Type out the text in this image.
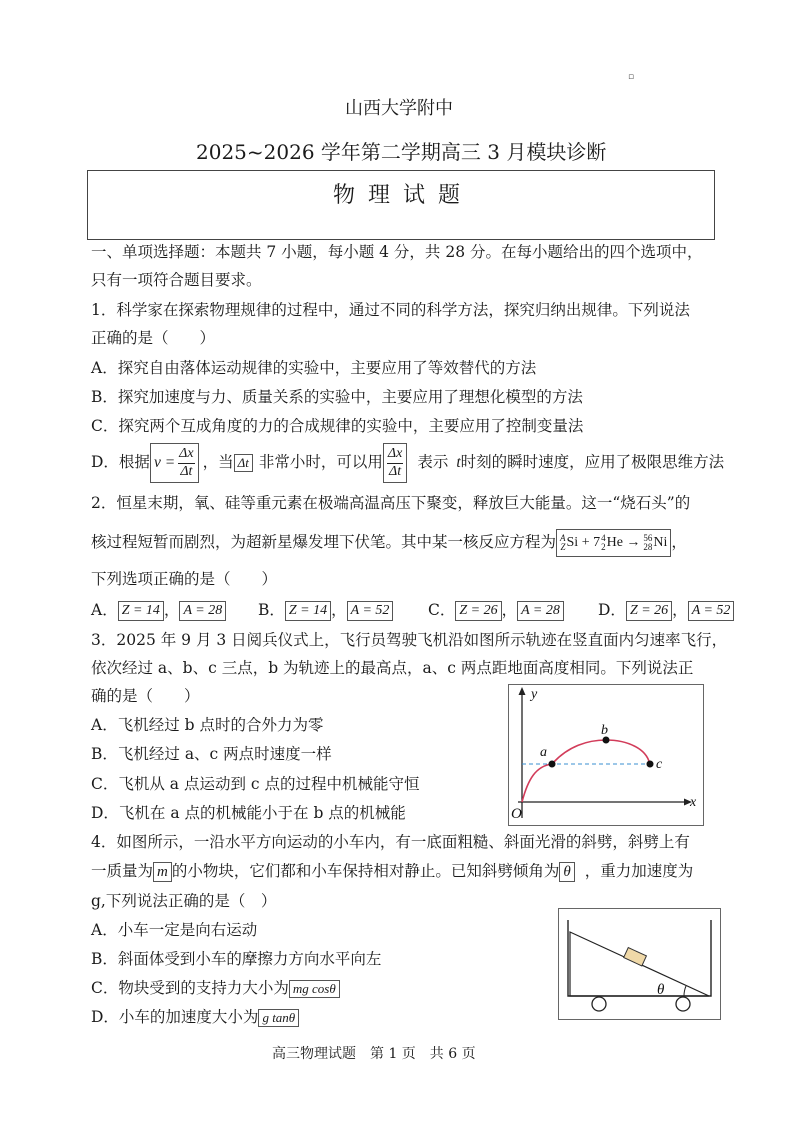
▫
山西大学附中
2025~2026 学年第二学期高三 3 月模块诊断
物 理 试 题
一、单项选择题：本题共 7 小题，每小题 4 分，共 28 分。在每小题给出的四个选项中，
只有一项符合题目要求。
1．科学家在探索物理规律的过程中，通过不同的科学方法，探究归纳出规律。下列说法
正确的是（　　）
A．探究自由落体运动规律的实验中，主要应用了等效替代的方法
B．探究加速度与力、质量关系的实验中，主要应用了理想化模型的方法
C．探究两个互成角度的力的合成规律的实验中，主要应用了控制变量法
D．根据 $v = \frac{\Delta x}{\Delta t}$ ，当 Δt 非常小时，可以用 $\frac{\Delta x}{\Delta t}$ 表示 t 时刻的瞬时速度，应用了极限思维方法
2．恒星末期，氧、硅等重元素在极端高温高压下聚变，释放巨大能量。这一“烧石头”的
核过程短暂而剧烈，为超新星爆发埋下伏笔。其中某一核反应方程为 A
Z Si + 7 4
2 He → 56
28 Ni ，
下列选项正确的是（　　）
A． Z = 14 ， A = 28 B． Z = 14 ， A = 52 C． Z = 26 ， A = 28 D． Z = 26 ， A = 52
3．2025 年 9 月 3 日阅兵仪式上，飞行员驾驶飞机沿如图所示轨迹在竖直面内匀速率飞行，
依次经过 a、b、c 三点，b 为轨迹上的最高点，a、c 两点距地面高度相同。下列说法正
确的是（　　）
A．飞机经过 b 点时的合外力为零
B．飞机经过 a、c 两点时速度一样
C．飞机从 a 点运动到 c 点的过程中机械能守恒
D．飞机在 a 点的机械能小于在 b 点的机械能
y
x
O
a
b
c
4．如图所示，一沿水平方向运动的小车内，有一底面粗糙、斜面光滑的斜劈，斜劈上有
一质量为 m 的小物块，它们都和小车保持相对静止。已知斜劈倾角为 θ ，重力加速度为
g,下列说法正确的是（　）
A．小车一定是向右运动
B．斜面体受到小车的摩擦力方向水平向左
C．物块受到的支持力大小为 mg cosθ
D．小车的加速度大小为 g tanθ
θ
高三物理试题　第 1 页　共 6 页
